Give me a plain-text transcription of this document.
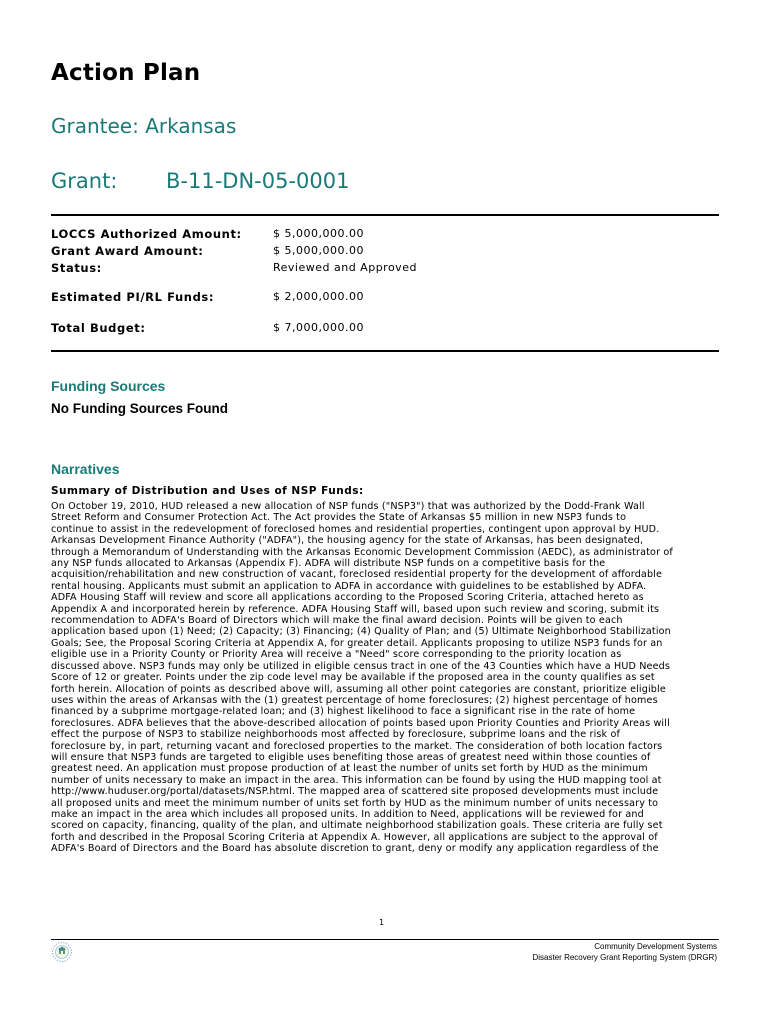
Action Plan
Grantee: Arkansas
Grant: B-11-DN-05-0001
LOCCS Authorized Amount:	$ 5,000,000.00
Grant Award Amount:	$ 5,000,000.00
Status:	Reviewed and Approved
Estimated PI/RL Funds:	$ 2,000,000.00
Total Budget:	$ 7,000,000.00
Funding Sources
No Funding Sources Found
Narratives
Summary of Distribution and Uses of NSP Funds:

On October 19, 2010, HUD released a new allocation of NSP funds ("NSP3") that was authorized by the Dodd-Frank Wall
Street Reform and Consumer Protection Act. The Act provides the State of Arkansas $5 million in new NSP3 funds to
continue to assist in the redevelopment of foreclosed homes and residential properties, contingent upon approval by HUD.
Arkansas Development Finance Authority ("ADFA"), the housing agency for the state of Arkansas, has been designated,
through a Memorandum of Understanding with the Arkansas Economic Development Commission (AEDC), as administrator of
any NSP funds allocated to Arkansas (Appendix F). ADFA will distribute NSP funds on a competitive basis for the
acquisition/rehabilitation and new construction of vacant, foreclosed residential property for the development of affordable
rental housing. Applicants must submit an application to ADFA in accordance with guidelines to be established by ADFA.
ADFA Housing Staff will review and score all applications according to the Proposed Scoring Criteria, attached hereto as
Appendix A and incorporated herein by reference. ADFA Housing Staff will, based upon such review and scoring, submit its
recommendation to ADFA's Board of Directors which will make the final award decision. Points will be given to each
application based upon (1) Need; (2) Capacity; (3) Financing; (4) Quality of Plan; and (5) Ultimate Neighborhood Stabilization
Goals; See, the Proposal Scoring Criteria at Appendix A, for greater detail. Applicants proposing to utilize NSP3 funds for an
eligible use in a Priority County or Priority Area will receive a "Need" score corresponding to the priority location as
discussed above. NSP3 funds may only be utilized in eligible census tract in one of the 43 Counties which have a HUD Needs
Score of 12 or greater. Points under the zip code level may be available if the proposed area in the county qualifies as set
forth herein. Allocation of points as described above will, assuming all other point categories are constant, prioritize eligible
uses within the areas of Arkansas with the (1) greatest percentage of home foreclosures; (2) highest percentage of homes
financed by a subprime mortgage-related loan; and (3) highest likelihood to face a significant rise in the rate of home
foreclosures. ADFA believes that the above-described allocation of points based upon Priority Counties and Priority Areas will
effect the purpose of NSP3 to stabilize neighborhoods most affected by foreclosure, subprime loans and the risk of
foreclosure by, in part, returning vacant and foreclosed properties to the market. The consideration of both location factors
will ensure that NSP3 funds are targeted to eligible uses benefiting those areas of greatest need within those counties of
greatest need. An application must propose production of at least the number of units set forth by HUD as the minimum
number of units necessary to make an impact in the area. This information can be found by using the HUD mapping tool at
http://www.huduser.org/portal/datasets/NSP.html. The mapped area of scattered site proposed developments must include
all proposed units and meet the minimum number of units set forth by HUD as the minimum number of units necessary to
make an impact in the area which includes all proposed units. In addition to Need, applications will be reviewed for and
scored on capacity, financing, quality of the plan, and ultimate neighborhood stabilization goals. These criteria are fully set
forth and described in the Proposal Scoring Criteria at Appendix A. However, all applications are subject to the approval of
ADFA's Board of Directors and the Board has absolute discretion to grant, deny or modify any application regardless of the

1
Community Development Systems
Disaster Recovery Grant Reporting System (DRGR)
